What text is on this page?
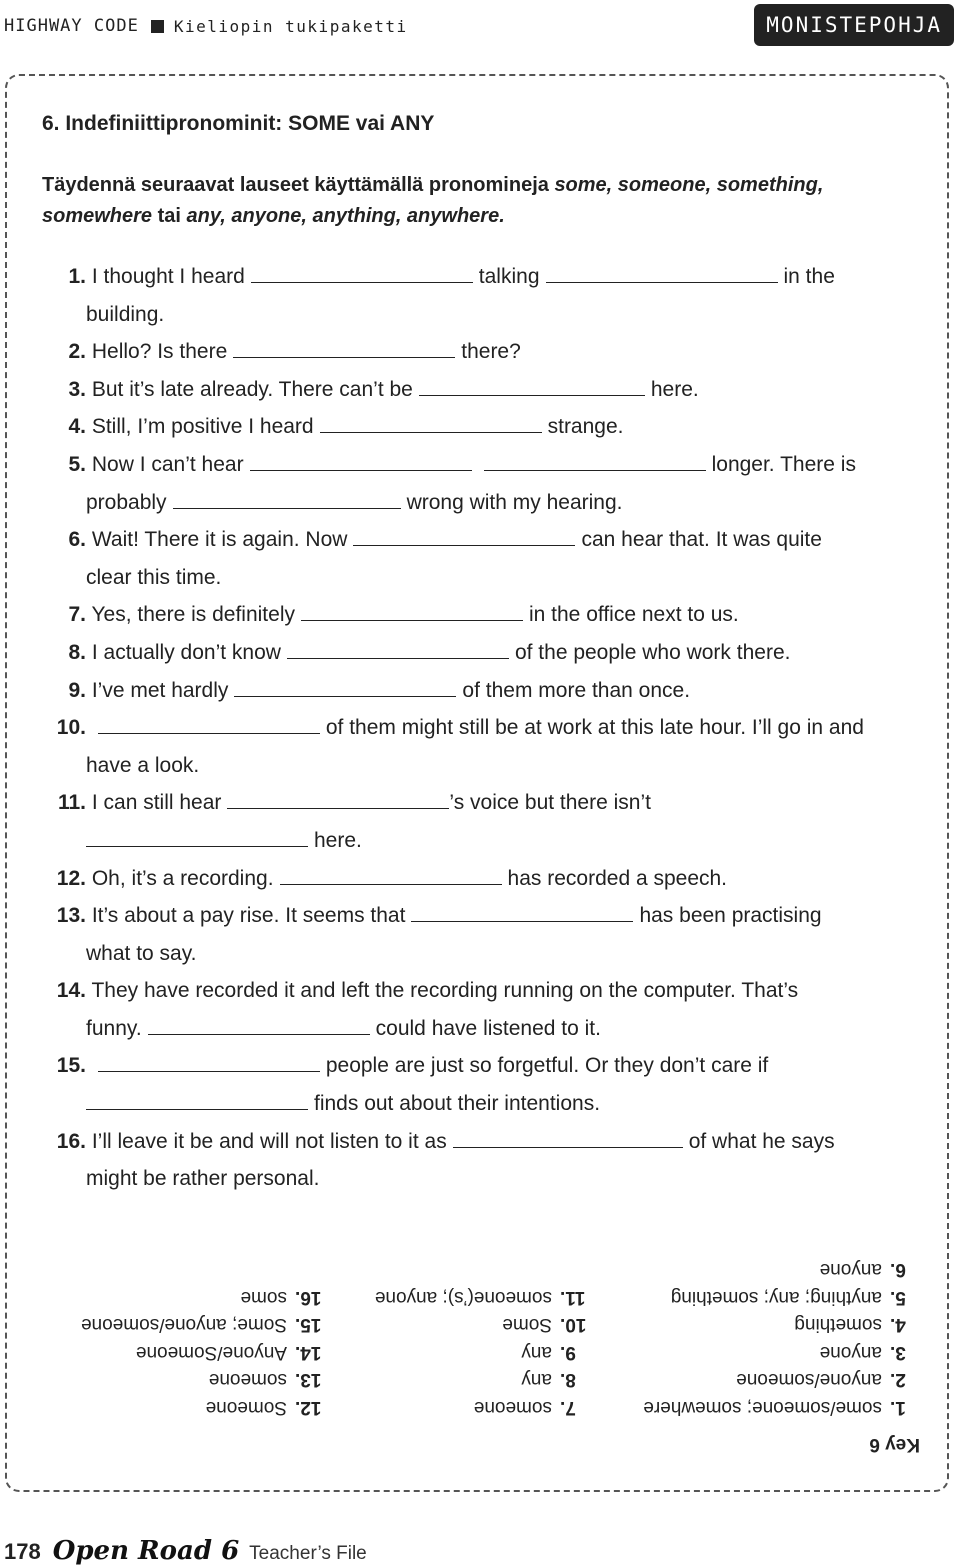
HIGHWAY CODE Kieliopin tukipaketti	MONISTEPOHJA
6. Indefiniittipronominit: SOME vai ANY
Täydennä seuraavat lauseet käyttämällä pronomineja some, someone, something, somewhere tai any, anyone, anything, anywhere.
1. I thought I heard	talking	in the
building.
2. Hello? Is there	there?
3. But it’s late already. There can’t be	here.
4. Still, I’m positive I heard	strange.
5. Now I can’t hear	longer. There is
probably	wrong with my hearing.
6. Wait! There it is again. Now	can hear that. It was quite
clear this time.
7. Yes, there is definitely	in the office next to us.
8. I actually don’t know	of the people who work there.
9. I’ve met hardly	of them more than once.
10.	of them might still be at work at this late hour. I’ll go in and
have a look.
11. I can still hear	’s voice but there isn’t
here.
12. Oh, it’s a recording.	has recorded a speech.
13. It’s about a pay rise. It seems that	has been practising
what to say.
14. They have recorded it and left the recording running on the computer. That’s
funny.	could have listened to it.
15.	people are just so forgetful. Or they don’t care if
finds out about their intentions.
16. I’ll leave it be and will not listen to it as	of what he says
might be rather personal.
Key 6
1.some/someone; somewhere
2.anyone/someone
3.anyone
4.something
5.anything; any; something
6.anyone
7.someone
8.any
9.any
10.Some
11.someone(’s); anyone
12.Someone
13.someone
14.Anyone/Someone
15.Some; anyone/someone
16.some
178 Open Road 6 Teacher’s File
